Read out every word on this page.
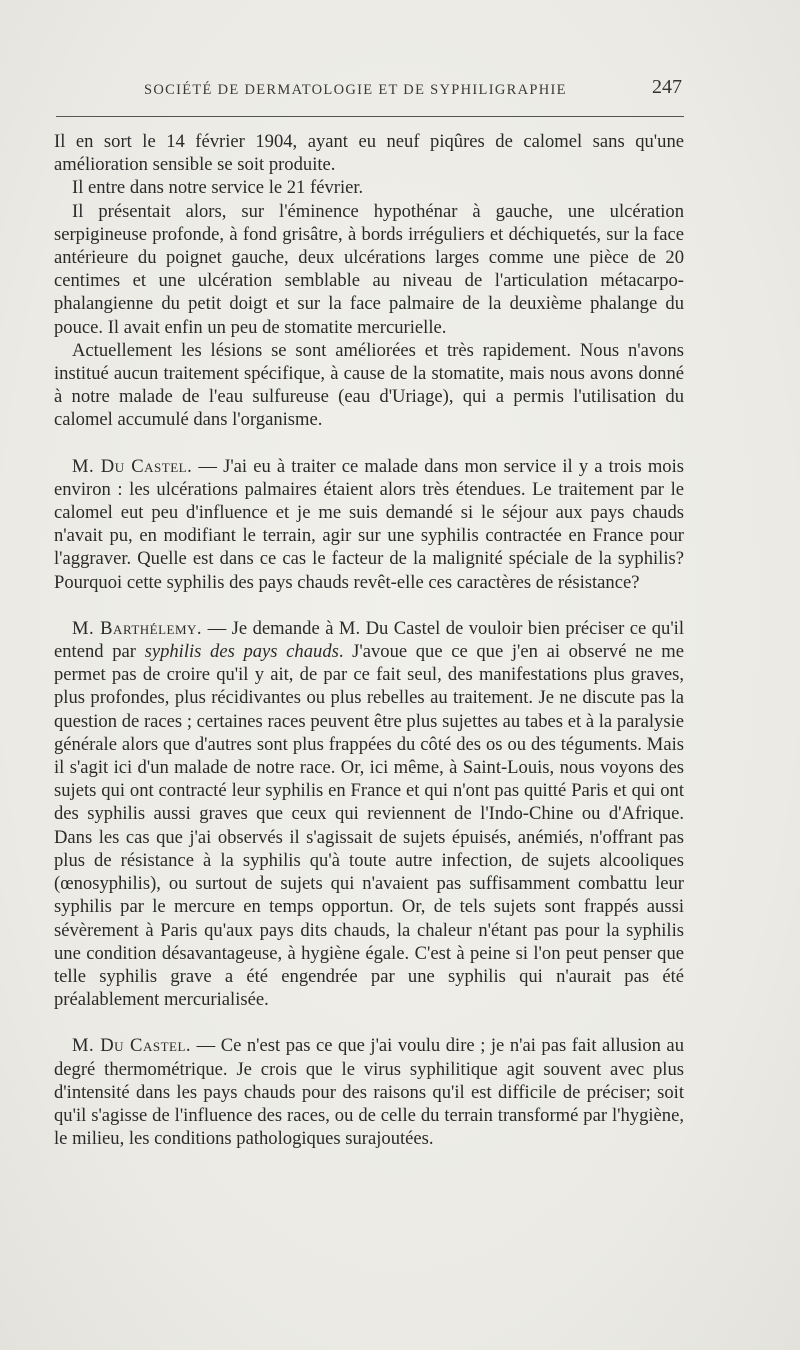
SOCIÉTÉ DE DERMATOLOGIE ET DE SYPHILIGRAPHIE	247

Il en sort le 14 février 1904, ayant eu neuf piqûres de calomel sans qu'une amélioration sensible se soit produite.

Il entre dans notre service le 21 février.

Il présentait alors, sur l'éminence hypothénar à gauche, une ulcération serpigineuse profonde, à fond grisâtre, à bords irréguliers et déchiquetés, sur la face antérieure du poignet gauche, deux ulcérations larges comme une pièce de 20 centimes et une ulcération semblable au niveau de l'articulation métacarpo-phalangienne du petit doigt et sur la face palmaire de la deuxième phalange du pouce. Il avait enfin un peu de stomatite mercurielle.

Actuellement les lésions se sont améliorées et très rapidement. Nous n'avons institué aucun traitement spécifique, à cause de la stomatite, mais nous avons donné à notre malade de l'eau sulfureuse (eau d'Uriage), qui a permis l'utilisation du calomel accumulé dans l'organisme.

M. Du Castel. — J'ai eu à traiter ce malade dans mon service il y a trois mois environ : les ulcérations palmaires étaient alors très étendues. Le traitement par le calomel eut peu d'influence et je me suis demandé si le séjour aux pays chauds n'avait pu, en modifiant le terrain, agir sur une syphilis contractée en France pour l'aggraver. Quelle est dans ce cas le facteur de la malignité spéciale de la syphilis? Pourquoi cette syphilis des pays chauds revêt-elle ces caractères de résistance?

M. Barthélemy. — Je demande à M. Du Castel de vouloir bien préciser ce qu'il entend par syphilis des pays chauds. J'avoue que ce que j'en ai observé ne me permet pas de croire qu'il y ait, de par ce fait seul, des manifestations plus graves, plus profondes, plus récidivantes ou plus rebelles au traitement. Je ne discute pas la question de races ; certaines races peuvent être plus sujettes au tabes et à la paralysie générale alors que d'autres sont plus frappées du côté des os ou des téguments. Mais il s'agit ici d'un malade de notre race. Or, ici même, à Saint-Louis, nous voyons des sujets qui ont contracté leur syphilis en France et qui n'ont pas quitté Paris et qui ont des syphilis aussi graves que ceux qui reviennent de l'Indo-Chine ou d'Afrique. Dans les cas que j'ai observés il s'agissait de sujets épuisés, anémiés, n'offrant pas plus de résistance à la syphilis qu'à toute autre infection, de sujets alcooliques (œnosyphilis), ou surtout de sujets qui n'avaient pas suffisamment combattu leur syphilis par le mercure en temps opportun. Or, de tels sujets sont frappés aussi sévèrement à Paris qu'aux pays dits chauds, la chaleur n'étant pas pour la syphilis une condition désavantageuse, à hygiène égale. C'est à peine si l'on peut penser que telle syphilis grave a été engendrée par une syphilis qui n'aurait pas été préalablement mercurialisée.

M. Du Castel. — Ce n'est pas ce que j'ai voulu dire ; je n'ai pas fait allusion au degré thermométrique. Je crois que le virus syphilitique agit souvent avec plus d'intensité dans les pays chauds pour des raisons qu'il est difficile de préciser; soit qu'il s'agisse de l'influence des races, ou de celle du terrain transformé par l'hygiène, le milieu, les conditions pathologiques surajoutées.
